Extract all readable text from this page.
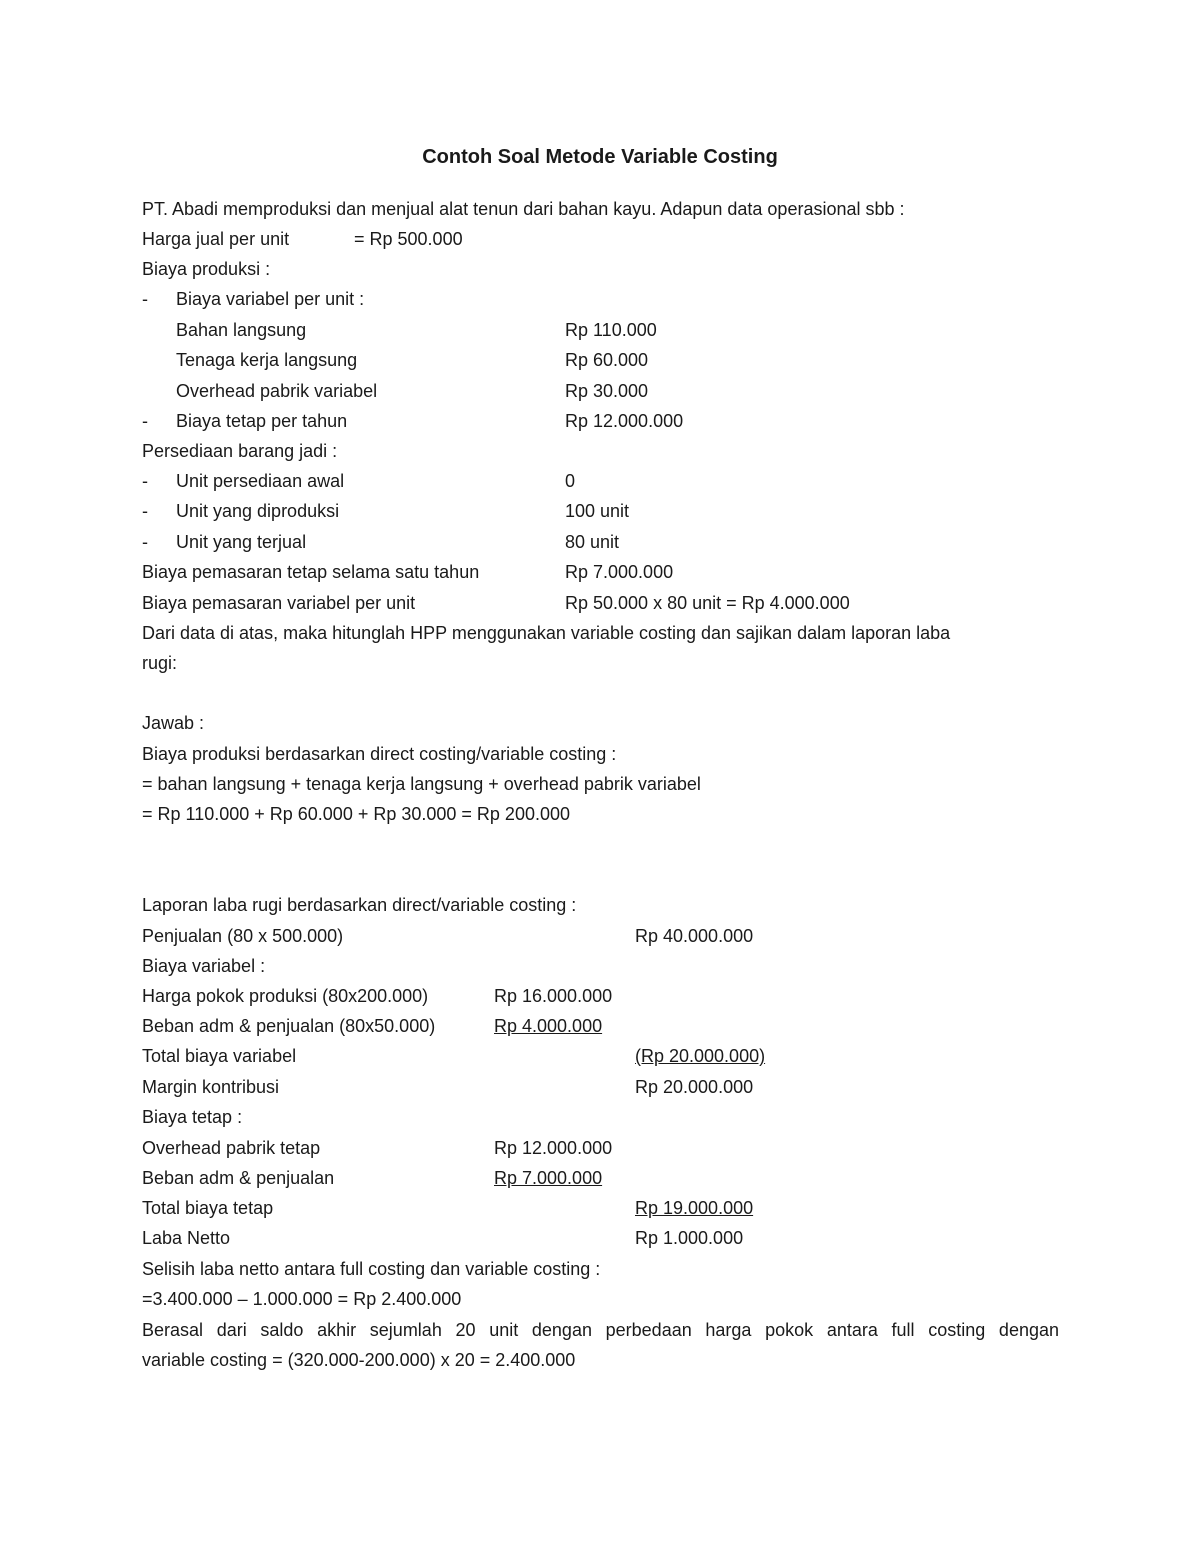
Contoh Soal Metode Variable Costing
PT. Abadi memproduksi dan menjual alat tenun dari bahan kayu. Adapun data operasional sbb :
Harga jual per unit	= Rp 500.000
Biaya produksi :
- Biaya variabel per unit :
Bahan langsung	Rp 110.000
Tenaga kerja langsung	Rp 60.000
Overhead pabrik variabel	Rp 30.000
- Biaya tetap per tahun	Rp 12.000.000
Persediaan barang jadi :
- Unit persediaan awal	0
- Unit yang diproduksi	100 unit
- Unit yang terjual	80 unit
Biaya pemasaran tetap selama satu tahun	Rp 7.000.000
Biaya pemasaran variabel per unit	Rp 50.000 x 80 unit = Rp 4.000.000
Dari data di atas, maka hitunglah HPP menggunakan variable costing dan sajikan dalam laporan laba
rugi:
Jawab :
Biaya produksi berdasarkan direct costing/variable costing :
= bahan langsung + tenaga kerja langsung + overhead pabrik variabel
= Rp 110.000 + Rp 60.000 + Rp 30.000 = Rp 200.000
Laporan laba rugi berdasarkan direct/variable costing :
Penjualan (80 x 500.000)	Rp 40.000.000
Biaya variabel :
Harga pokok produksi (80x200.000)	Rp 16.000.000
Beban adm & penjualan (80x50.000)	Rp 4.000.000
Total biaya variabel	(Rp 20.000.000)
Margin kontribusi	Rp 20.000.000
Biaya tetap :
Overhead pabrik tetap	Rp 12.000.000
Beban adm & penjualan	Rp 7.000.000
Total biaya tetap	Rp 19.000.000
Laba Netto	Rp 1.000.000
Selisih laba netto antara full costing dan variable costing :
=3.400.000 – 1.000.000 = Rp 2.400.000
Berasal dari saldo akhir sejumlah 20 unit dengan perbedaan harga pokok antara full costing dengan
variable costing = (320.000-200.000) x 20 = 2.400.000
